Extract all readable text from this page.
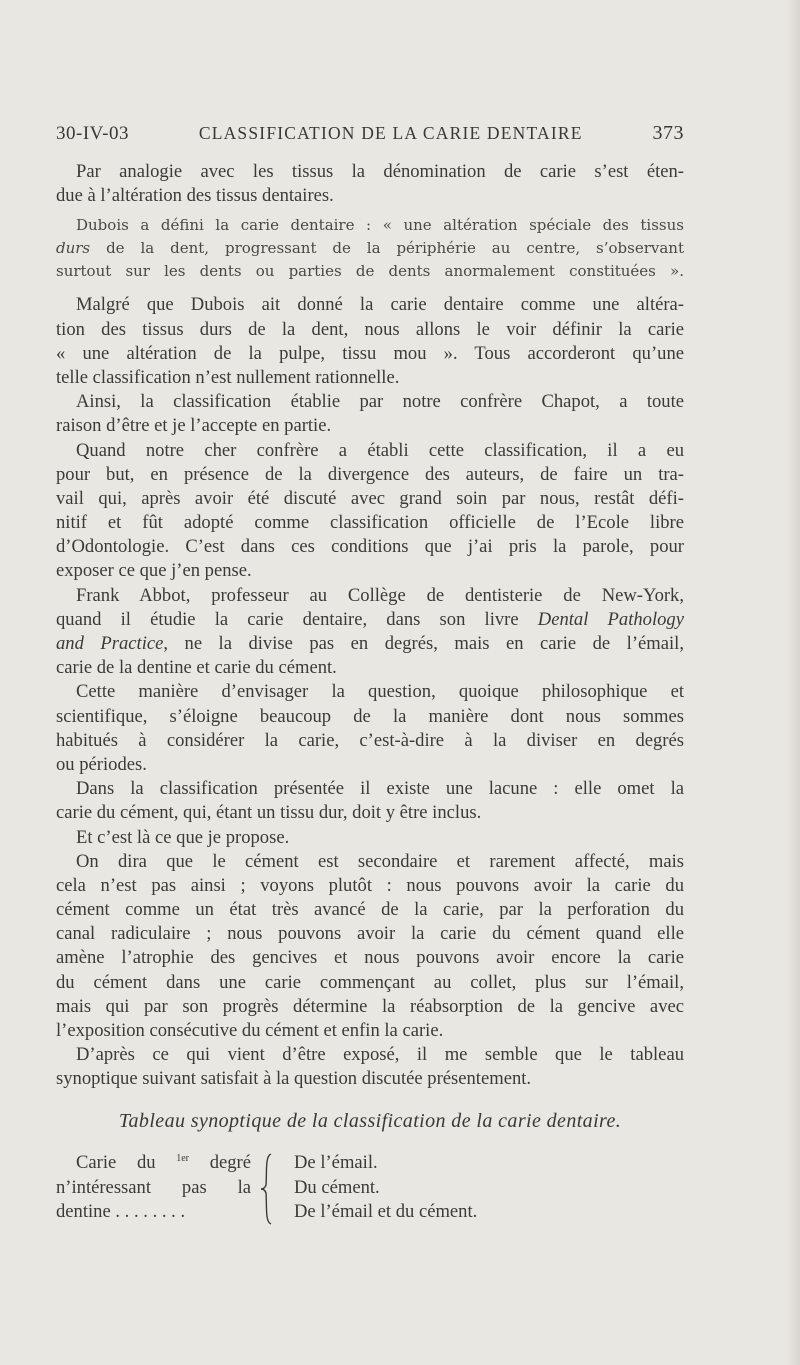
30-IV-03	CLASSIFICATION DE LA CARIE DENTAIRE	373
Par analogie avec les tissus la dénomination de carie s’est éten-
due à l’altération des tissus dentaires.
Dubois a défini la carie dentaire : « une altération spéciale des tissus
durs de la dent, progressant de la périphérie au centre, s’observant
surtout sur les dents ou parties de dents anormalement constituées ».
Malgré que Dubois ait donné la carie dentaire comme une altéra-
tion des tissus durs de la dent, nous allons le voir définir la carie
« une altération de la pulpe, tissu mou ». Tous accorderont qu’une
telle classification n’est nullement rationnelle.
Ainsi, la classification établie par notre confrère Chapot, a toute
raison d’être et je l’accepte en partie.
Quand notre cher confrère a établi cette classification, il a eu
pour but, en présence de la divergence des auteurs, de faire un tra-
vail qui, après avoir été discuté avec grand soin par nous, restât défi-
nitif et fût adopté comme classification officielle de l’Ecole libre
d’Odontologie. C’est dans ces conditions que j’ai pris la parole, pour
exposer ce que j’en pense.
Frank Abbot, professeur au Collège de dentisterie de New-York,
quand il étudie la carie dentaire, dans son livre Dental Pathology
and Practice, ne la divise pas en degrés, mais en carie de l’émail,
carie de la dentine et carie du cément.
Cette manière d’envisager la question, quoique philosophique et
scientifique, s’éloigne beaucoup de la manière dont nous sommes
habitués à considérer la carie, c’est-à-dire à la diviser en degrés
ou périodes.
Dans la classification présentée il existe une lacune : elle omet la
carie du cément, qui, étant un tissu dur, doit y être inclus.
Et c’est là ce que je propose.
On dira que le cément est secondaire et rarement affecté, mais
cela n’est pas ainsi ; voyons plutôt : nous pouvons avoir la carie du
cément comme un état très avancé de la carie, par la perforation du
canal radiculaire ; nous pouvons avoir la carie du cément quand elle
amène l’atrophie des gencives et nous pouvons avoir encore la carie
du cément dans une carie commençant au collet, plus sur l’émail,
mais qui par son progrès détermine la réabsorption de la gencive avec
l’exposition consécutive du cément et enfin la carie.
D’après ce qui vient d’être exposé, il me semble que le tableau
synoptique suivant satisfait à la question discutée présentement.
Tableau synoptique de la classification de la carie dentaire.
Carie du $^{1er}$ degré
n’intéressant pas la
dentine . . . . . . . .
De l’émail.
Du cément.
De l’émail et du cément.
